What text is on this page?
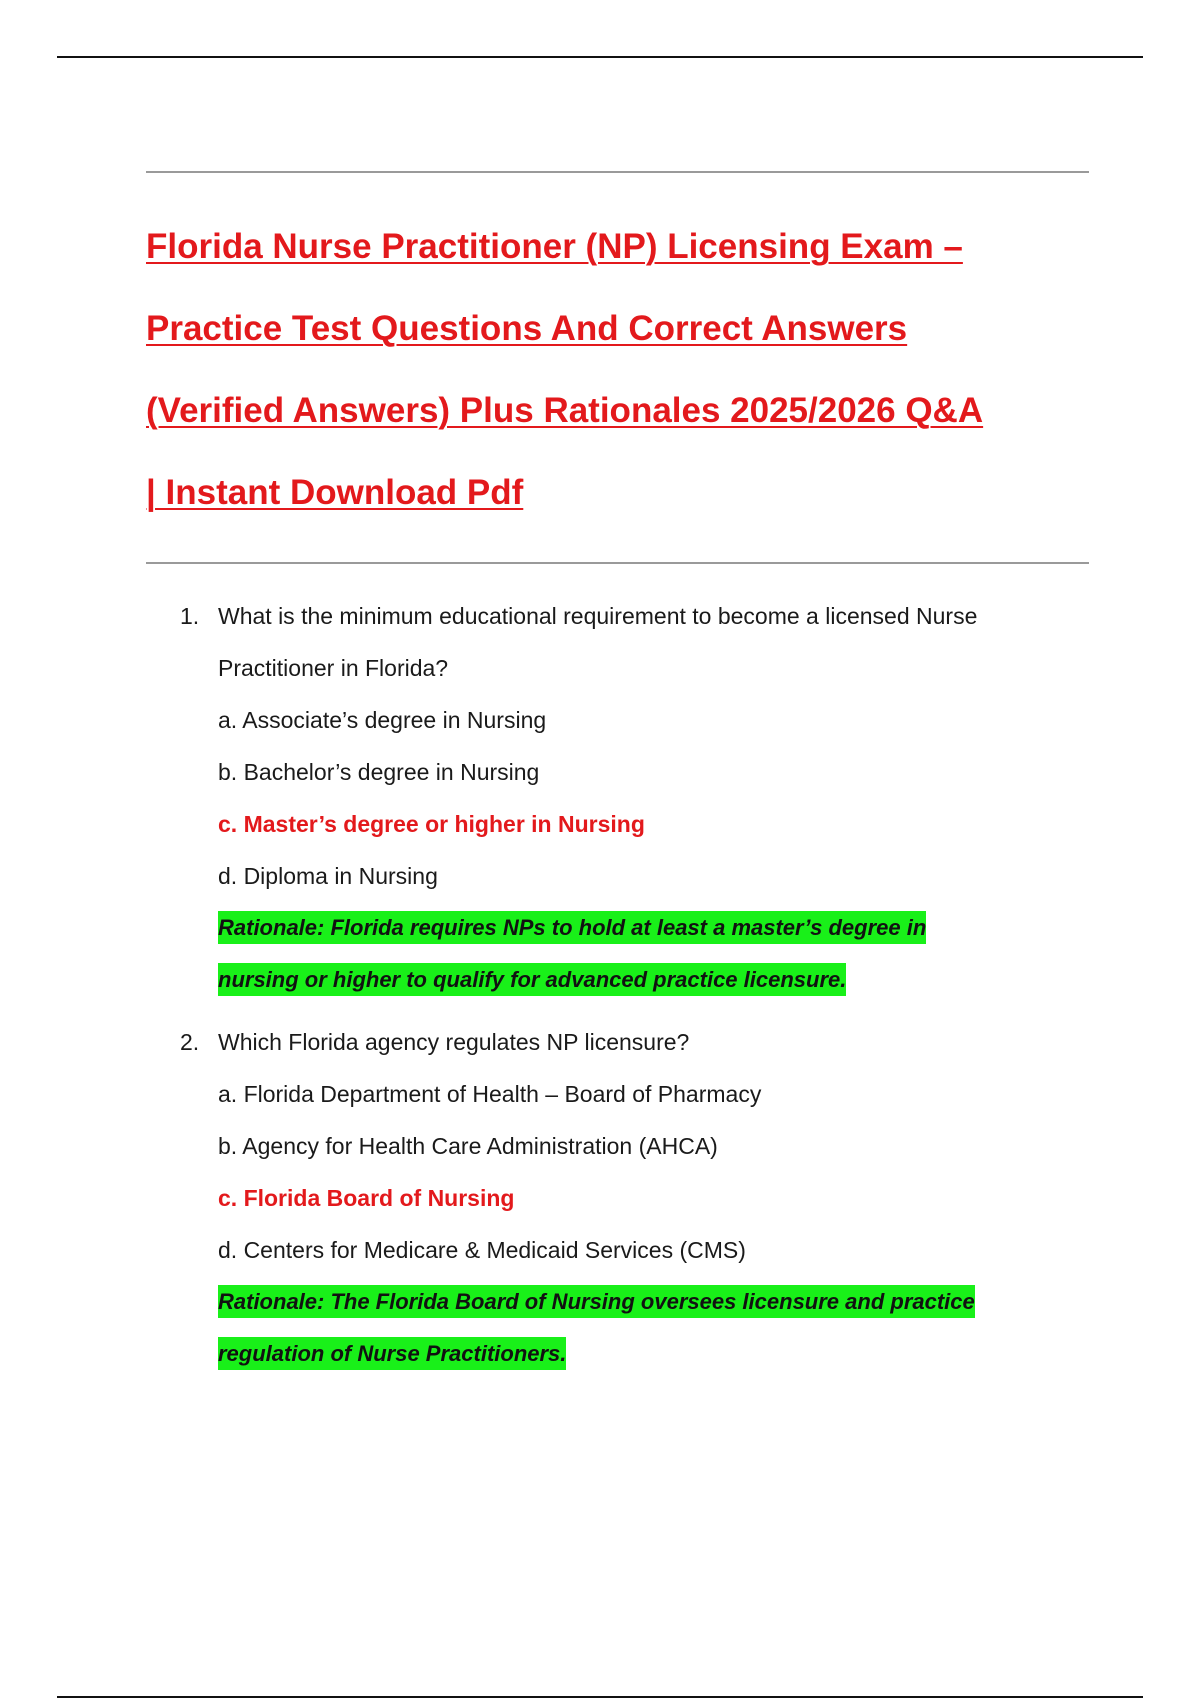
Florida Nurse Practitioner (NP) Licensing Exam –
Practice Test Questions And Correct Answers
(Verified Answers) Plus Rationales 2025/2026 Q&A
| Instant Download Pdf
1. What is the minimum educational requirement to become a licensed Nurse
Practitioner in Florida?
a. Associate’s degree in Nursing
b. Bachelor’s degree in Nursing
c. Master’s degree or higher in Nursing
d. Diploma in Nursing
Rationale: Florida requires NPs to hold at least a master’s degree in
nursing or higher to qualify for advanced practice licensure.
2. Which Florida agency regulates NP licensure?
a. Florida Department of Health – Board of Pharmacy
b. Agency for Health Care Administration (AHCA)
c. Florida Board of Nursing
d. Centers for Medicare & Medicaid Services (CMS)
Rationale: The Florida Board of Nursing oversees licensure and practice
regulation of Nurse Practitioners.
